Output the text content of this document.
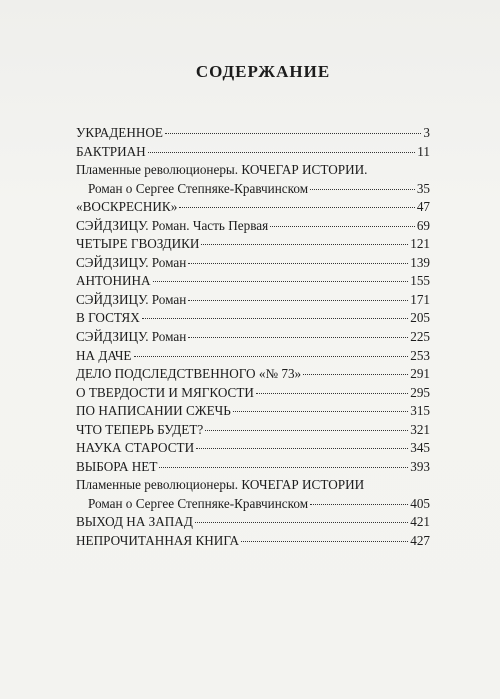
СОДЕРЖАНИЕ
УКРАДЕННОЕ	3
БАКТРИАН	11
Пламенные революционеры. КОЧЕГАР ИСТОРИИ.
Роман о Сергее Степняке-Кравчинском	35
«ВОСКРЕСНИК»	47
СЭЙДЗИЦУ. Роман. Часть Первая	69
ЧЕТЫРЕ ГВОЗДИКИ	121
СЭЙДЗИЦУ. Роман	139
АНТОНИНА	155
СЭЙДЗИЦУ. Роман	171
В ГОСТЯХ	205
СЭЙДЗИЦУ. Роман	225
НА ДАЧЕ	253
ДЕЛО ПОДСЛЕДСТВЕННОГО «№ 73»	291
О ТВЕРДОСТИ И МЯГКОСТИ	295
ПО НАПИСАНИИ СЖЕЧЬ	315
ЧТО ТЕПЕРЬ БУДЕТ?	321
НАУКА СТАРОСТИ	345
ВЫБОРА НЕТ	393
Пламенные революционеры. КОЧЕГАР ИСТОРИИ
Роман о Сергее Степняке-Кравчинском	405
ВЫХОД НА ЗАПАД	421
НЕПРОЧИТАННАЯ КНИГА	427
